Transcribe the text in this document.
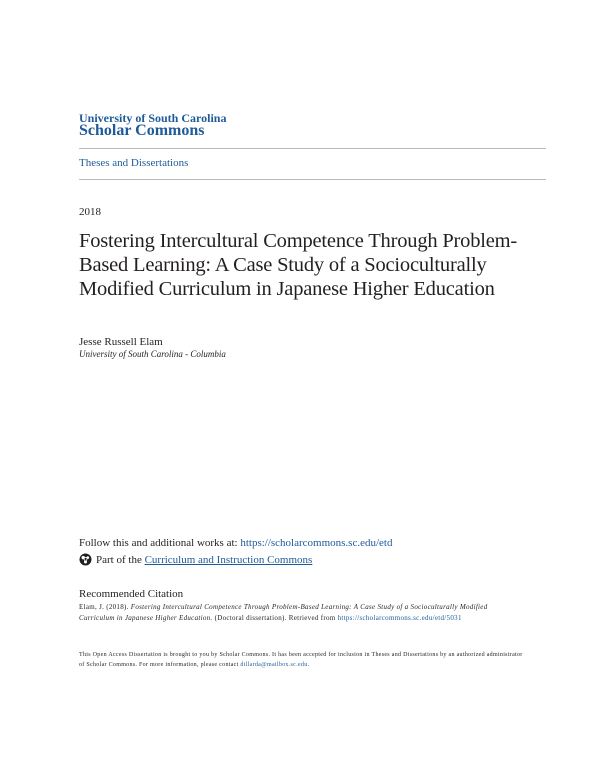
University of South Carolina
Scholar Commons
Theses and Dissertations
2018
Fostering Intercultural Competence Through Problem-Based Learning: A Case Study of a Socioculturally Modified Curriculum in Japanese Higher Education
Jesse Russell Elam
University of South Carolina - Columbia
Follow this and additional works at: https://scholarcommons.sc.edu/etd
Part of the
Curriculum and Instruction Commons
Recommended Citation
Elam, J. (2018). Fostering Intercultural Competence Through Problem-Based Learning: A Case Study of a Socioculturally Modified Curriculum in Japanese Higher Education. (Doctoral dissertation). Retrieved from https://scholarcommons.sc.edu/etd/5031
This Open Access Dissertation is brought to you by Scholar Commons. It has been accepted for inclusion in Theses and Dissertations by an authorized administrator of Scholar Commons. For more information, please contact dillarda@mailbox.sc.edu.
